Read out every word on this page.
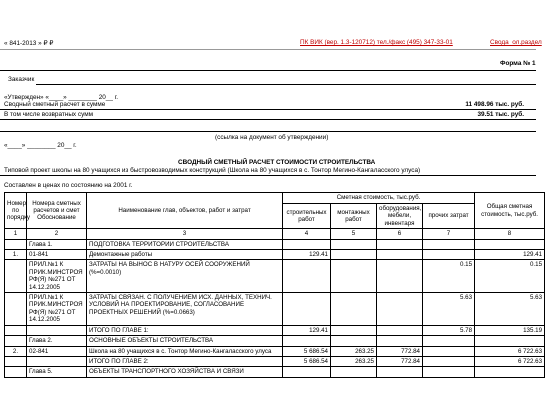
« 841-2013 » ₽ ₽	ПК ВИК (вер. 1.3-120712) тел./факс (495) 347-33-01	Свода_ол.раздел
Форма № 1
Заказчик
«Утвержден» «____» ________ 20__ г.
Сводный сметный расчет в сумме	11 498.96 тыс. руб.
В том числе возвратных сумм	39.51 тыс. руб.
(ссылка на документ об утверждении)
«____» ________ 20__ г.
СВОДНЫЙ СМЕТНЫЙ РАСЧЕТ СТОИМОСТИ СТРОИТЕЛЬСТВА
Типовой проект школы на 80 учащихся из быстровозводимых конструкций (Школа на 80 учащихся в с. Тонтор Мегино-Кангаласского улуса)
Составлен в ценах по состоянию на 2001 г.
Номер по порядку	Номера сметных расчетов и смет Обоснование	Наименование глав, объектов, работ и затрат	Сметная стоимость, тыс.руб.				Общая сметная стоимость, тыс.руб.
			строительных работ	монтажных работ	оборудования, мебели, инвентаря	прочих затрат	
1	2	3	4	5	6	7	8
	Глава 1.	ПОДГОТОВКА ТЕРРИТОРИИ СТРОИТЕЛЬСТВА					
1.	01-841	Демонтажные работы	129.41				129.41
	ПРИЛ.№1 К ПРИК.МИНСТРОЯ РФ(Я) №271 ОТ 14.12.2005	ЗАТРАТЫ НА ВЫНОС В НАТУРУ ОСЕЙ СООРУЖЕНИЙ (%=0.0010)				0.15	0.15
	ПРИЛ.№1 К ПРИК.МИНСТРОЯ РФ(Я) №271 ОТ 14.12.2005	ЗАТРАТЫ СВЯЗАН. С ПОЛУЧЕНИЕМ ИСХ. ДАННЫХ, ТЕХНИЧ. УСЛОВИЙ НА ПРОЕКТИРОВАНИЕ, СОГЛАСОВАНИЕ ПРОЕКТНЫХ РЕШЕНИЙ (%=0.0663)				5.63	5.63
		ИТОГО ПО ГЛАВЕ 1:	129.41			5.78	135.19
	Глава 2.	ОСНОВНЫЕ ОБЪЕКТЫ СТРОИТЕЛЬСТВА					
2.	02-841	Школа на 80 учащихся в с. Тонтор Мегино-Кангаласского улуса	5 686.54	263.25	772.84		6 722.63
		ИТОГО ПО ГЛАВЕ 2:	5 686.54	263.25	772.84		6 722.63
	Глава 5.	ОБЪЕКТЫ ТРАНСПОРТНОГО ХОЗЯЙСТВА И СВЯЗИ					
